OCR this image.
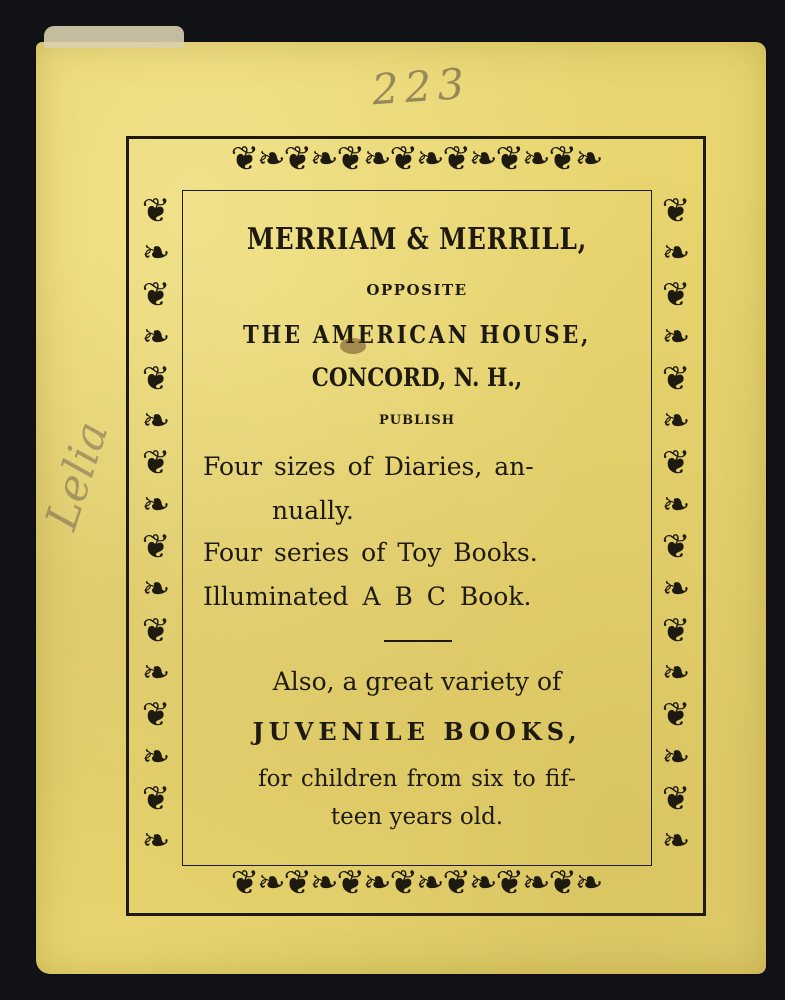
223
Lelia
❦❧❦❧❦❧❦❧❦❧❦❧❦❧
❦❧❦❧❦❧❦❧❦❧❦❧❦❧
❦❧❦❧❦❧❦❧❦❧❦❧❦❧❦❧
❦❧❦❧❦❧❦❧❦❧❦❧❦❧❦❧
MERRIAM & MERRILL,
OPPOSITE
THE AMERICAN HOUSE,
CONCORD, N. H.,
PUBLISH
Four sizes of Diaries, an-
nually.
Four series of Toy Books.
Illuminated A B C Book.
Also, a great variety of
JUVENILE BOOKS,
for children from six to fif-
teen years old.
